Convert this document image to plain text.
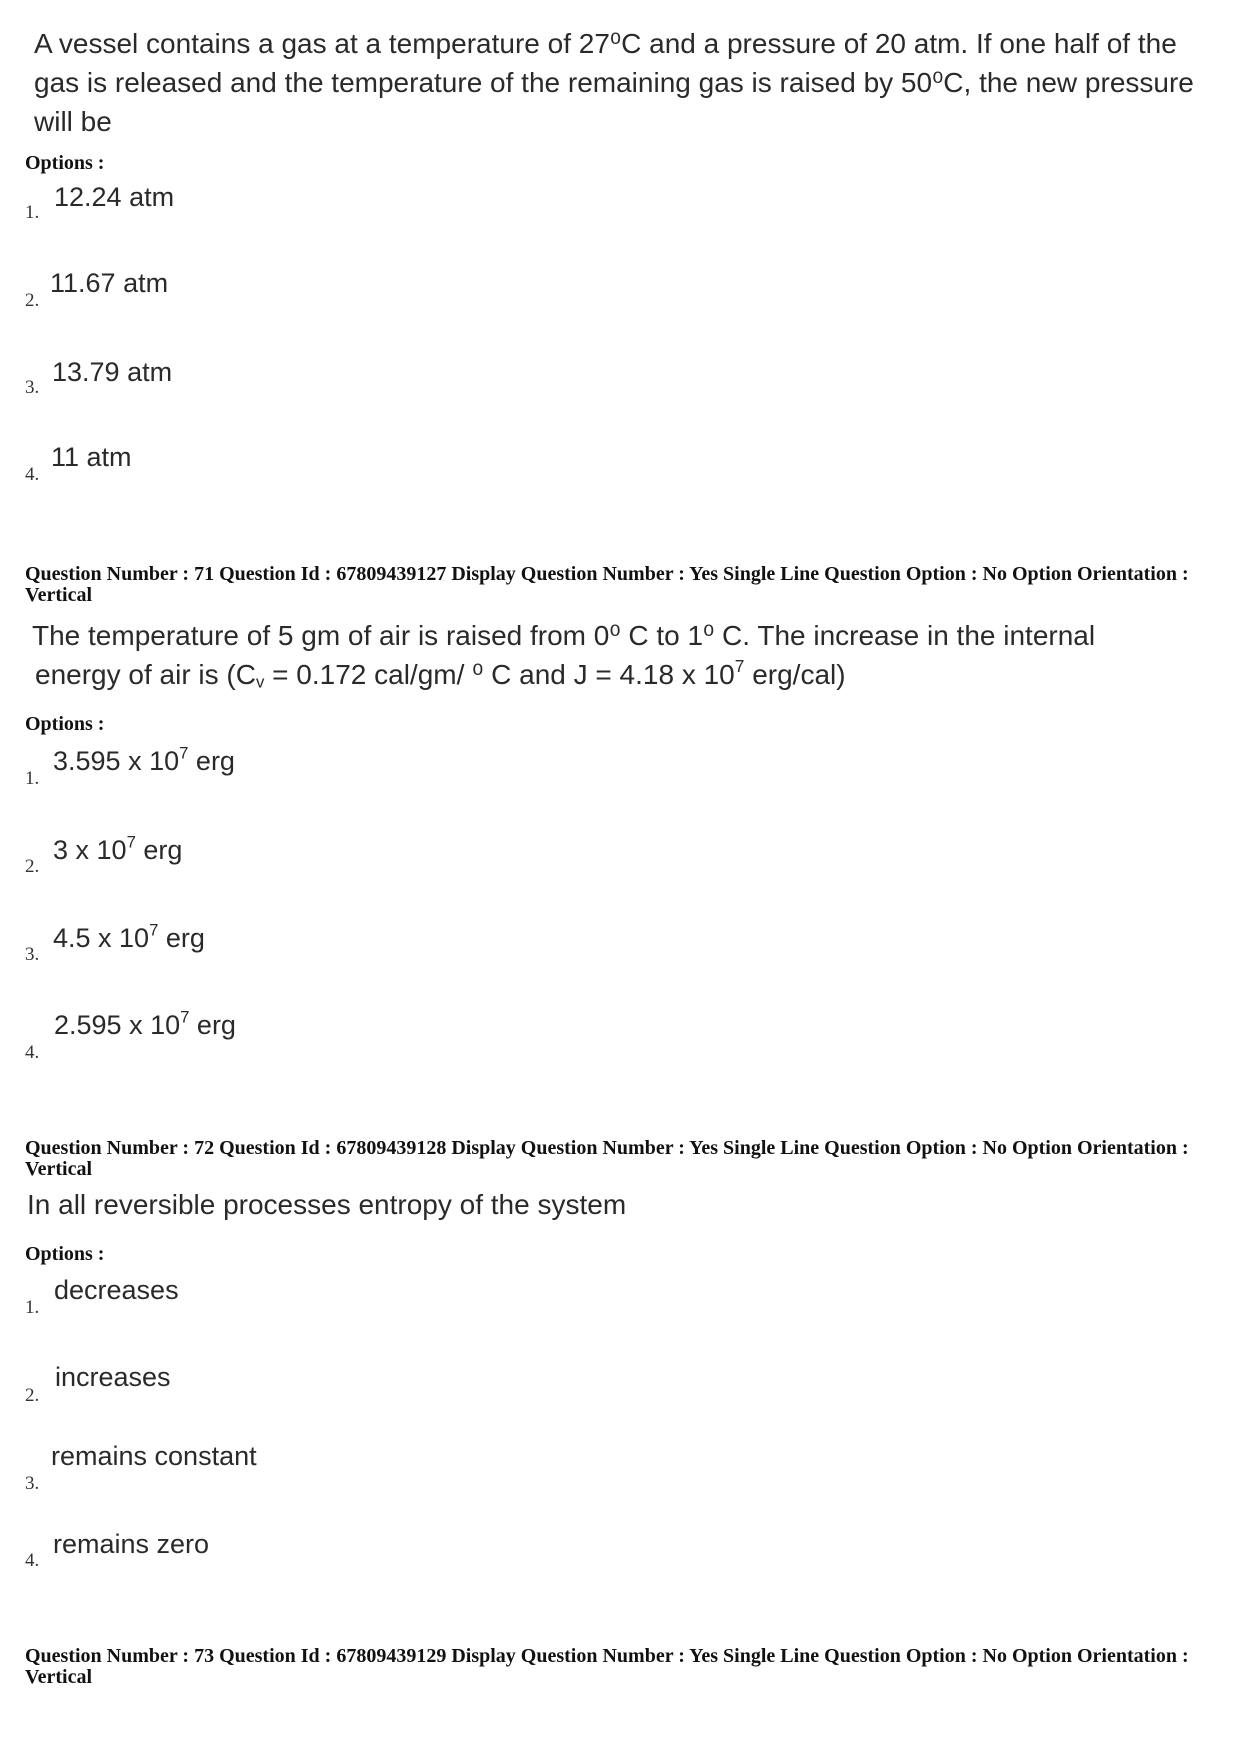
A vessel contains a gas at a temperature of 27⁰C and a pressure of 20 atm. If one half of the gas is released and the temperature of the remaining gas is raised by 50⁰C, the new pressure will be
Options :
1.
12.24 atm
2.
11.67 atm
3.
13.79 atm
4.
11 atm
Question Number : 71 Question Id : 67809439127 Display Question Number : Yes Single Line Question Option : No Option Orientation : Vertical
The temperature of 5 gm of air is raised from 0⁰ C to 1⁰ C. The increase in the internal
energy of air is ($C_v = 0.172$ cal/gm/ ⁰ C and J = 4.18 x $10^7$ erg/cal)
Options :
1.
3.595 x $10^7$ erg
2.
3 x $10^7$ erg
3.
4.5 x $10^7$ erg
4.
2.595 x $10^7$ erg
Question Number : 72 Question Id : 67809439128 Display Question Number : Yes Single Line Question Option : No Option Orientation : Vertical
In all reversible processes entropy of the system
Options :
1.
decreases
2.
increases
3.
remains constant
4.
remains zero
Question Number : 73 Question Id : 67809439129 Display Question Number : Yes Single Line Question Option : No Option Orientation : Vertical
